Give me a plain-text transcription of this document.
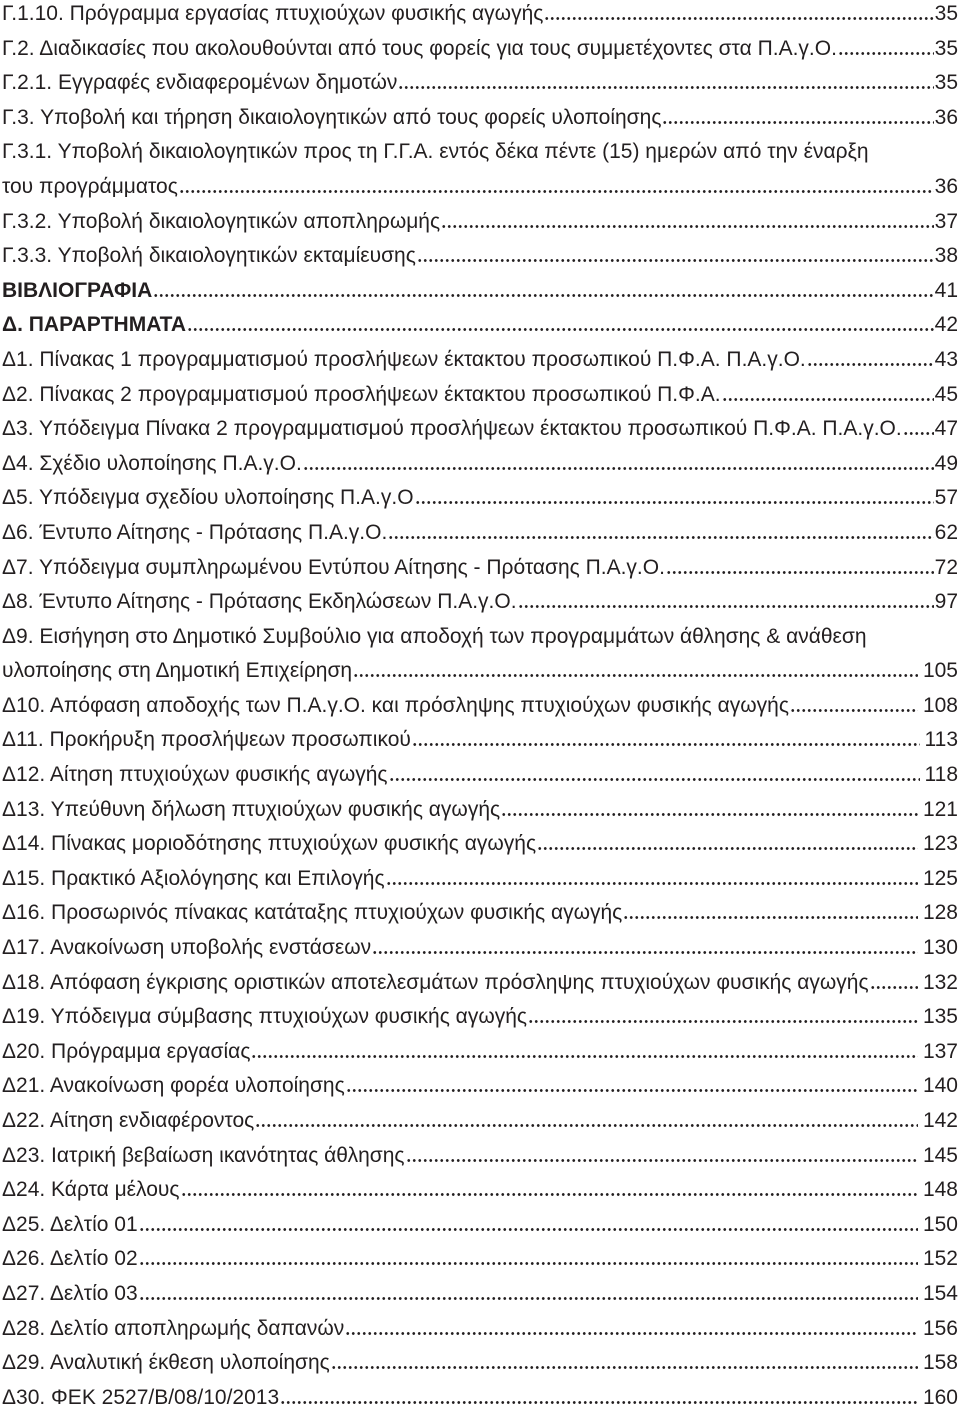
Γ.1.10. Πρόγραμμα εργασίας πτυχιούχων φυσικής αγωγής	35
Γ.2. Διαδικασίες που ακολουθούνται από τους φορείς για τους συμμετέχοντες στα Π.Α.γ.Ο.	35
Γ.2.1. Εγγραφές ενδιαφερομένων δημοτών	35
Γ.3. Υποβολή και τήρηση δικαιολογητικών από τους φορείς υλοποίησης	36
Γ.3.1. Υποβολή δικαιολογητικών προς τη Γ.Γ.Α. εντός δέκα πέντε (15) ημερών από την έναρξη
του προγράμματος	36
Γ.3.2. Υποβολή δικαιολογητικών αποπληρωμής	37
Γ.3.3. Υποβολή δικαιολογητικών εκταμίευσης	38
ΒΙΒΛΙΟΓΡΑΦΙΑ	41
Δ. ΠΑΡΑΡΤΗΜΑΤΑ	42
Δ1. Πίνακας 1 προγραμματισμού προσλήψεων έκτακτου προσωπικού Π.Φ.Α. Π.Α.γ.Ο.	43
Δ2. Πίνακας 2 προγραμματισμού προσλήψεων έκτακτου προσωπικού Π.Φ.Α.	45
Δ3. Υπόδειγμα Πίνακα 2 προγραμματισμού προσλήψεων έκτακτου προσωπικού Π.Φ.Α. Π.Α.γ.Ο. 47
Δ4. Σχέδιο υλοποίησης Π.Α.γ.Ο.	49
Δ5. Υπόδειγμα σχεδίου υλοποίησης Π.Α.γ.Ο	57
Δ6. Έντυπο Αίτησης - Πρότασης Π.Α.γ.Ο.	62
Δ7. Υπόδειγμα συμπληρωμένου Εντύπου Αίτησης - Πρότασης Π.Α.γ.Ο.	72
Δ8. Έντυπο Αίτησης - Πρότασης Εκδηλώσεων Π.Α.γ.Ο.	97
Δ9. Εισήγηση στο Δημοτικό Συμβούλιο για αποδοχή των προγραμμάτων άθλησης & ανάθεση
υλοποίησης στη Δημοτική Επιχείρηση	105
Δ10. Απόφαση αποδοχής των Π.Α.γ.Ο. και πρόσληψης πτυχιούχων φυσικής αγωγής	108
Δ11. Προκήρυξη προσλήψεων προσωπικού	113
Δ12. Αίτηση πτυχιούχων φυσικής αγωγής	118
Δ13. Υπεύθυνη δήλωση πτυχιούχων φυσικής αγωγής	121
Δ14. Πίνακας μοριοδότησης πτυχιούχων φυσικής αγωγής	123
Δ15. Πρακτικό Αξιολόγησης και Επιλογής	125
Δ16. Προσωρινός πίνακας κατάταξης πτυχιούχων φυσικής αγωγής	128
Δ17. Ανακοίνωση υποβολής ενστάσεων	130
Δ18. Απόφαση έγκρισης οριστικών αποτελεσμάτων πρόσληψης πτυχιούχων φυσικής αγωγής	132
Δ19. Υπόδειγμα σύμβασης πτυχιούχων φυσικής αγωγής	135
Δ20. Πρόγραμμα εργασίας	137
Δ21. Ανακοίνωση φορέα υλοποίησης	140
Δ22. Αίτηση ενδιαφέροντος	142
Δ23. Ιατρική βεβαίωση ικανότητας άθλησης	145
Δ24. Κάρτα μέλους	148
Δ25. Δελτίο 01	150
Δ26. Δελτίο 02	152
Δ27. Δελτίο 03	154
Δ28. Δελτίο αποπληρωμής δαπανών	156
Δ29. Αναλυτική έκθεση υλοποίησης	158
Δ30. ΦΕΚ 2527/Β/08/10/2013	160
